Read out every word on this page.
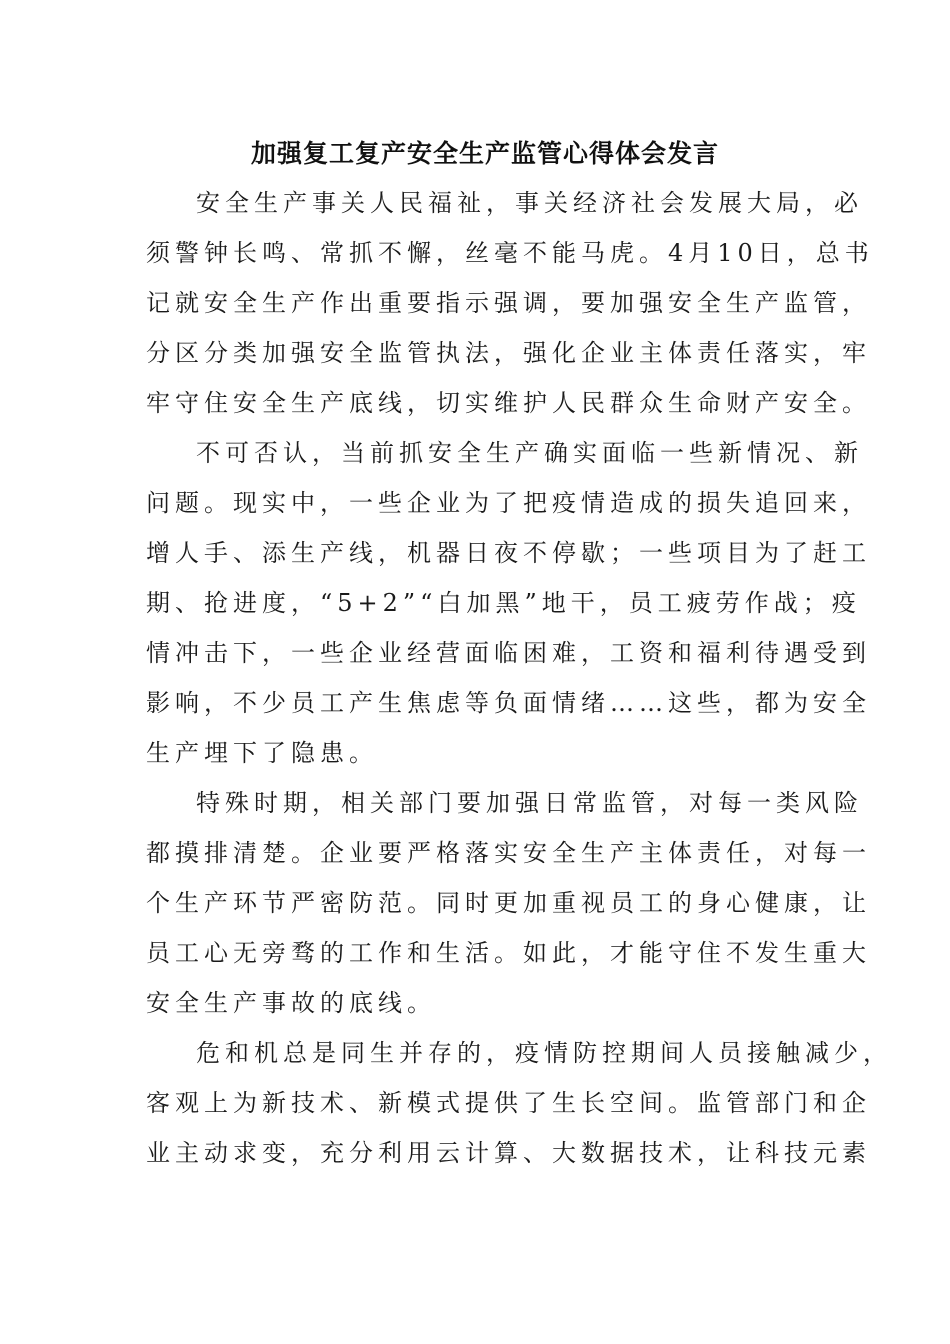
加强复工复产安全生产监管心得体会发言
安全生产事关人民福祉，事关经济社会发展大局，必
须警钟长鸣、常抓不懈，丝毫不能马虎。4月10日，总书
记就安全生产作出重要指示强调，要加强安全生产监管，
分区分类加强安全监管执法，强化企业主体责任落实，牢
牢守住安全生产底线，切实维护人民群众生命财产安全。
不可否认，当前抓安全生产确实面临一些新情况、新
问题。现实中，一些企业为了把疫情造成的损失追回来，
增人手、添生产线，机器日夜不停歇；一些项目为了赶工
期、抢进度，“5+2”“白加黑”地干，员工疲劳作战；疫
情冲击下，一些企业经营面临困难，工资和福利待遇受到
影响，不少员工产生焦虑等负面情绪……这些，都为安全
生产埋下了隐患。
特殊时期，相关部门要加强日常监管，对每一类风险
都摸排清楚。企业要严格落实安全生产主体责任，对每一
个生产环节严密防范。同时更加重视员工的身心健康，让
员工心无旁骛的工作和生活。如此，才能守住不发生重大
安全生产事故的底线。
危和机总是同生并存的，疫情防控期间人员接触减少，
客观上为新技术、新模式提供了生长空间。监管部门和企
业主动求变，充分利用云计算、大数据技术，让科技元素
